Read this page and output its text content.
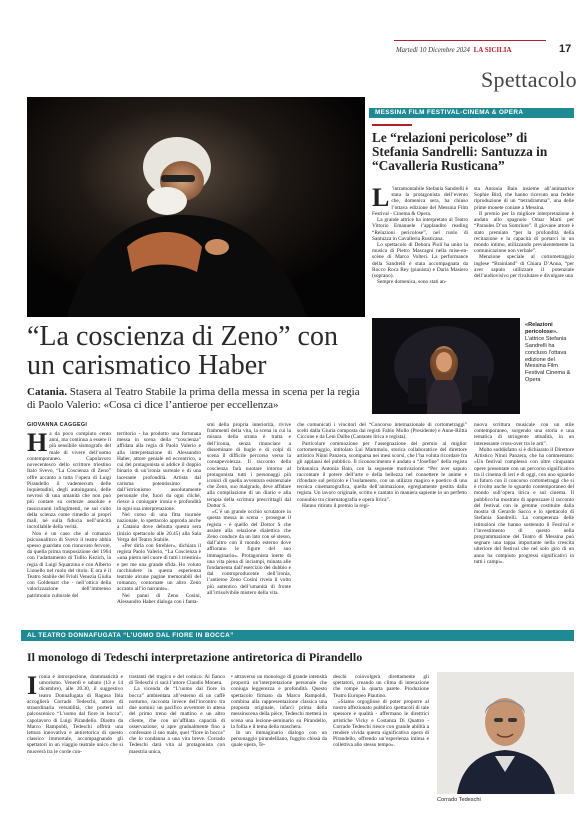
Martedì 10 Dicembre 2024 LA SICILIA	17
Spettacolo
“La coscienza di Zeno” con un carismatico Haber
Catania. Stasera al Teatro Stabile la prima della messa in scena per la regia di Paolo Valerio: «Cosa ci dice l’antieroe per eccellenza»
GIOVANNA CAGGEGI
H a da poco compiuto cento anni, ma continua a essere il più sensibile sismografo del male di vivere dell’uomo contemporaneo. Capolavoro novecentesco dello scrittore triestino Italo Svevo, “La Coscienza di Zeno” offre accanto a tutta l’opera di Luigi Pirandello il vademecum delle inquietudini, degli autoinganni, delle nevrosi di una umanità che non può più contare su certezze assolute e rassicuranti infingimenti, ne sul culto della scienza come rimedio ai propri mali, né sulla fiducia nell’unicità incrollabile della verità.

Non è un caso che al romanzo psicoanalitico di Svevo il teatro abbia spesso guardato con rinnovato fervore, da quella prima trasposizione del 1964 con l’adattamento di Tullio Kezich, la regia di Luigi Squarzina e con Alberto Lionello nel ruolo del titolo. E ora è il Teatro Stabile del Friuli Venezia Giulia con Goldenart che - nell’ottica della valorizzazione dell’immenso patrimonio culturale del

territorio - ha prodotto una fortunata messa in scena della “coscienza” affidata alla regia di Paolo Valerio e alla interpretazione di Alessandro Haber, attore geniale ed eccentrico, a cui del protagonista si addice il doppio binario di un’ironia surreale e di una lacerante profondità. Artista dal carisma potentissimo e dall’istrionismo assolutamente personale che, fuori da ogni cliché, riesce a coniugare ironia e profondità in ogni sua interpretazione.

Nel corso di una fitta tournée nazionale, lo spettacolo approda anche a Catania dove debutta questa sera (inizio spettacolo alle 20.45) alla Sala Verga del Teatro Stabile.

«Per dirla con Strehler», dichiara il regista Paolo Valerio, “La Coscienza è «una pietra nel cuore di tutti i triestini» e per me una grande sfida. Ho voluto racchiudere in questa esperienza teatrale alcune pagine memorabili del romanzo, contornate un altro Zeno accanto all’io narrante».

Nei panni di Zeno Cosini, Alessandro Haber dialoga con i fanta-

smi della propria interiorità, rivive frammenti della vita, la scena in cui la misura della strana è tratta e dell’ironia, senza rinunciare a disseminare di bugie e di colpi di scena il difficile percorso verso la consapevolezza. Il racconto della coscienza farà nuotare intorno al protagonista tutti i personaggi più iconici di quella avventura esistenziale che Zeno, suo malgrado, deve affidare alla compilazione di un diario e alla terapia della scrittura prescrittagli dal Dottor S.

«C’è un grande occhio scrutatore in questa messa in scena - prosegue il regista - è quello del Dottor S che assiste alla relazione dialettica che Zeno conduce da un lato con sé stesso, dall’altro con il mondo esterno dove affiorano le figure del suo immaginario». Protagonista inerte di una vita piena di inciampi, minata alle fondamenta dall’esercizio del dubbio e dal controproducente dell’ironia, l’antieroe Zeno Cosini rivela il volto più autentico dell’umanità di fronte all’irrisolvibile mistero della vita.

MESSINA FILM FESTIVAL-CINEMA & OPERA
Le “relazioni pericolose” di Stefania Sandrelli: Santuzza in “Cavalleria Rusticana”
L ’intramontabile Stefania Sandrelli è stata la protagonista dell’evento che, domenica sera, ha chiuso l’ottava edizione del Messina Film Festival - Cinema & Opera.

La grande attrice ha interpretato al Teatro Vittorio Emanuele l’applaudito reading “Relazioni pericolose”, nel ruolo di Santuzza in Cavalleria Rusticana.

Lo spettacolo di Debora Pioli ha unito la musica di Pietro Mascagni nella mise-en-scène di Marco Volteri. La performance della Sandrelli è stata accompagnata da Rocco Roca Rey (pianista) e Daria Masiero (soprano).

Sempre domenica, sono stati an-

sta Antonia Bain insieme all’animatrice Sophie Bird, che hanno ricevuto una fedele riproduzione di un “tetradramma”, una delle prime monete coniate a Messina.

Il premio per la migliore interpretazione è andato allo spagnolo Omar Marti per “Paraules D’un Somriure”. Il giovane attore è stato premiato “per la profondità della recitazione e la capacità di portarci in un mondo intimo, utilizzando prevalentemente la comunicazione non verbale”.

Menzione speciale al cortometraggio inglese “Brainland” di Chiara D’Anna, “per aver saputo utilizzare il potenziale dell’audiovisivo per rivalutare e divulgare una

«Relazioni pericolose». L’attrice Stefania Sandrelli ha concluso l’ottava edizione del Messina Film Festival Cinema & Opera

che comunicati i vincitori del “Concorso internazionale di cortometraggi” scelti dalla Giuria composta dai registi Fabio Mollo (Presidente) e Anne-Riitta Ciccone e da Leni Dalbe (Cantante lirica e regista).

Particolare commozione per l’assegnazione del premio al miglior cortometraggio, intitolato Lui Mammolo, storica collaboratrice del direttore artistico Ninni Panzera, scomparsa nei mesi scorsi, che l’ha voluta ricordare fra gli applausi del pubblico. Il riconoscimento è andato a “Josefine” della regista britannica Antonia Bain, con la seguente motivazione: “Per aver saputo raccontare il potere dell’arte e della bellezza nel connettere le anime e rifondare sul pericolo e l’isolamento, con un utilizzo magico e poetico di una tecnica cinematografica, quella dell’animazione, egregiamente gestita dalla regista. Un lavoro originale, scritto e cantato in maniera sapiente in un perfetto connubio tra cinematografia e opera lirica”.

Hanno ritirato il premio la regi-

nuova scrittura musicale con un stile contemporaneo, sorgendo una storia e una tematica di stringente attualità, in un interessante cross-over tra le arti”.

Molto soddisfatto si è dichiarato il Direttore Artistico Ninni Panzera, che ha commentato: «Un festival complesso con oltre cinquanta opere presentate con un percorso significativo tra il cinema di ieri e di oggi, con uno sguardo al futuro con il concorso cortometraggi che si è rivolto anche lo sguardo contemporaneo del mondo sull’opera lirica e sul cinema. Il pubblico ha mostrato di apprezzare il racconto del festival con le gemme costituite dalla mostra di Gerardo Sacco e lo spettacolo di Stefania Sandrelli. La competenza delle istituzioni che hanno sostenuto il Festival e l’investimento di questo nella programmazione del Teatro di Messina può segnare una tappa importante nella crescita ulteriore del festival che nel solo giro di un anno ha compiuto progressi significativi in tutti i campi».

AL TEATRO DONNAFUGATA “L’UOMO DAL FIORE IN BOCCA”
Il monologo di Tedeschi interpretazione antiretorica di Pirandello
I ronia e introspezione, drammaticità e umorismo. Venerdì e sabato (13 e 14 dicembre), alle 20.30, il suggestivo teatro Donnafugata di Ragusa Ibla accoglierà Corrado Tedeschi, attore di straordinaria versatilità, che porterà sul palcoscenico “L’uomo dal fiore in bocca”, capolavoro di Luigi Pirandello. Diretto da Marco Rampoldi, Tedeschi offrirà una lettura innovativa e antiretorica di questo classico immortale, accompagnando gli spettatori in un viaggio teatrale unico che si muoverà tra le corde con-

trastanti del tragico e del comico. Al fianco di Tedeschi ci sarà l’attore Claudio Moneta.

La vicenda de “L’uomo dal fiore in bocca” ambientata all’esterno di un caffè notturno, racconta invece dell’incontro tra due uomini: un pacifico avventore in attesa del primo treno del mattino e un altro cliente, che con un’affilata capacità di osservazione, si apre gradualmente fino a confessare il suo male, quel “fiore in bocca” che lo condanna a una vita breve. Corrado Tedeschi darà vita al protagonista con maestria unica,

• attraverso un monologo di grande intensità proporrà un’interpretazione personale che coniuga leggerezza e profondità. Questo spettacolo firmato da Marco Rampoldi, combina alla rappresentazione classica una proposta originale, infarcì prima della messinscena della pièce, Tedeschi metterà in scena una lezione-seminario su Pirandello, la follia e il tema della maschera.

In un immaginario dialogo con un personaggio pirandelliano, fuggito chissà da quale opera, Te-

deschi coinvolgerà direttamente gli spettatori, creando un clima di interazione che rompe la quarta parete. Produzione Teatro Europeo Plautino.

«Siamo orgogliose di poter proporre al nostro affezionato pubblico spettacoli di tale spessore e qualità - affermano le direttrici artistiche Vicky e Costanza Di Quattro - Corrado Tedeschi riesce con grande abilità a rendere vivida questa significativa opera di Pirandello, offrendo un’esperienza intima e collettiva allo stesso tempo».

Corrado Tedeschi
